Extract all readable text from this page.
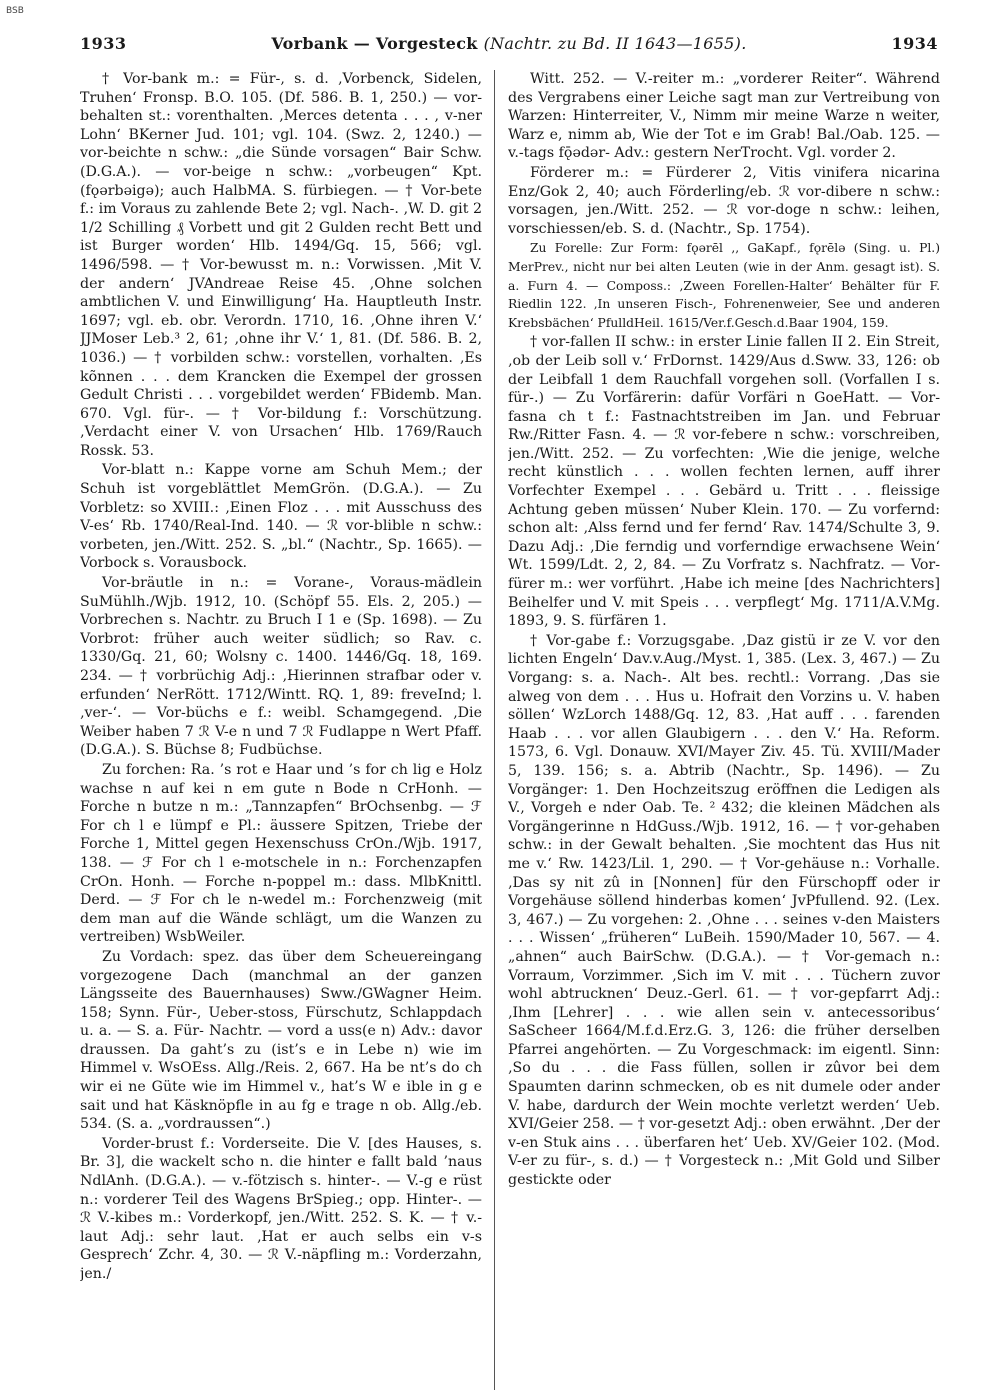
BSB
1933	Vorbank — Vorgesteck (Nachtr. zu Bd. II 1643—1655).	1934

† Vor-bank m.: = Für-, s. d. ‚Vorbenck, Sidelen, Truhen‘ Fronsp. B.O. 105. (Df. 586. B. 1, 250.) — vor-behalten st.: vorenthalten. ‚Merces detenta . . . , v-ner Lohn‘ BKerner Jud. 101; vgl. 104. (Swz. 2, 1240.) — vor-beichte n schw.: „die Sünde vorsagen“ Bair Schw. (D.G.A.). — vor-beige n schw.: „vorbeugen“ Kpt. (fǫərbəigə); auch HalbMA. S. fürbiegen. — † Vor-bete f.: im Voraus zu zahlende Bete 2; vgl. Nach-. ‚W. D. git 2 1/2 Schilling ₰ Vorbett und git 2 Gulden recht Bett und ist Burger worden‘ Hlb. 1494/Gq. 15, 566; vgl. 1496/598. — † Vor-bewusst m. n.: Vorwissen. ‚Mit V. der andern‘ JVAndreae Reise 45. ‚Ohne solchen ambtlichen V. und Einwilligung‘ Ha. Hauptleuth Instr. 1697; vgl. eb. obr. Verordn. 1710, 16. ‚Ohne ihren V.‘ JJMoser Leb.³ 2, 61; ‚ohne ihr V.‘ 1, 81. (Df. 586. B. 2, 1036.) — † vorbilden schw.: vorstellen, vorhalten. ‚Es kõnnen . . . dem Krancken die Exempel der grossen Gedult Christi . . . vorgebildet werden‘ FBidemb. Man. 670. Vgl. für-. — † Vor-bildung f.: Vorschützung. ‚Verdacht einer V. von Ursachen‘ Hlb. 1769/Rauch Rossk. 53.

Vor-blatt n.: Kappe vorne am Schuh Mem.; der Schuh ist vorgeblättlet MemGrön. (D.G.A.). — Zu Vorbletz: so XVIII.: ‚Einen Floz . . . mit Ausschuss des V-es‘ Rb. 1740/Real-Ind. 140. — ℛ vor-blible n schw.: vorbeten, jen./Witt. 252. S. „bl.“ (Nachtr., Sp. 1665). — Vorbock s. Vorausbock.

Vor-bräutle in n.: = Vorane-, Voraus-mädlein SuMühlh./Wjb. 1912, 10. (Schöpf 55. Els. 2, 205.) — Vorbrechen s. Nachtr. zu Bruch I 1 e (Sp. 1698). — Zu Vorbrot: früher auch weiter südlich; so Rav. c. 1330/Gq. 21, 60; Wolsny c. 1400. 1446/Gq. 18, 169. 234. — † vorbrüchig Adj.: ‚Hierinnen strafbar oder v. erfunden‘ NerRött. 1712/Wintt. RQ. 1, 89: freveInd; l. ‚ver-‘. — Vor-büchs e f.: weibl. Schamgegend. ‚Die Weiber haben 7 ℛ V-e n und 7 ℛ Fudlappe n Wert Pfaff. (D.G.A.). S. Büchse 8; Fudbüchse.

Zu forchen: Ra. ’s rot e Haar und ’s for ch lig e Holz wachse n auf kei n em gute n Bode n CrHonh. — Forche n butze n m.: „Tannzapfen“ BrOchsenbg. — ℱ For ch l e lümpf e Pl.: äussere Spitzen, Triebe der Forche 1, Mittel gegen Hexenschuss CrOn./Wjb. 1917, 138. — ℱ For ch l e-motschele in n.: Forchenzapfen CrOn. Honh. — Forche n-poppel m.: dass. MlbKnittl. Derd. — ℱ For ch le n-wedel m.: Forchenzweig (mit dem man auf die Wände schlägt, um die Wanzen zu vertreiben) WsbWeiler.

Zu Vordach: spez. das über dem Scheuereingang vorgezogene Dach (manchmal an der ganzen Längsseite des Bauernhauses) Sww./GWagner Heim. 158; Synn. Für-, Ueber-stoss, Fürschutz, Schlappdach u. a. — S. a. Für- Nachtr. — vord a uss(e n) Adv.: davor draussen. Da gaht’s zu (ist’s e in Lebe n) wie im Himmel v. WsOEss. Allg./Reis. 2, 667. Ha be nt’s do ch wir ei ne Güte wie im Himmel v., hat’s W e ible in g e sait und hat Käsknöpfle in au fg e trage n ob. Allg./eb. 534. (S. a. „vordraussen“.)

Vorder-brust f.: Vorderseite. Die V. [des Hauses, s. Br. 3], die wackelt scho n. die hinter e fallt bald ’naus NdlAnh. (D.G.A.). — v.-fötzisch s. hinter-. — V.-g e rüst n.: vorderer Teil des Wagens BrSpieg.; opp. Hinter-. — ℛ V.-kibes m.: Vorderkopf, jen./Witt. 252. S. K. — † v.-laut Adj.: sehr laut. ‚Hat er auch selbs ein v-s Gesprech‘ Zchr. 4, 30. — ℛ V.-näpfling m.: Vorderzahn, jen./

Witt. 252. — V.-reiter m.: „vorderer Reiter“. Während des Vergrabens einer Leiche sagt man zur Vertreibung von Warzen: Hinterreiter, V., Nimm mir meine Warze n weiter, Warz e, nimm ab, Wie der Tot e im Grab! Bal./Oab. 125. — v.-tags fǭədər- Adv.: gestern NerTrocht. Vgl. vorder 2.

Förderer m.: = Fürderer 2, Vitis vinifera nicarina Enz/Gok 2, 40; auch Förderling/eb. ℛ vor-dibere n schw.: vorsagen, jen./Witt. 252. — ℛ vor-doge n schw.: leihen, vorschiessen/eb. S. d. (Nachtr., Sp. 1754).

Zu Forelle: Zur Form: fǫərēl ‚, GaKapf., fǫrēlə (Sing. u. Pl.) MerPrev., nicht nur bei alten Leuten (wie in der Anm. gesagt ist). S. a. Furn 4. — Composs.: ‚Zween Forellen-Halter‘ Behälter für F. Riedlin 122. ‚In unseren Fisch-, Fohrenenweier, See und anderen Krebsbächen‘ PfulldHeil. 1615/Ver.f.Gesch.d.Baar 1904, 159.

† vor-fallen II schw.: in erster Linie fallen II 2. Ein Streit, ‚ob der Leib soll v.‘ FrDornst. 1429/Aus d.Sww. 33, 126: ob der Leibfall 1 dem Rauchfall vorgehen soll. (Vorfallen I s. für-.) — Zu Vorfärerin: dafür Vorfäri n GoeHatt. — Vor-fasna ch t f.: Fastnachtstreiben im Jan. und Februar Rw./Ritter Fasn. 4. — ℛ vor-febere n schw.: vorschreiben, jen./Witt. 252. — Zu vorfechten: ‚Wie die jenige, welche recht künstlich . . . wollen fechten lernen, auff ihrer Vorfechter Exempel . . . Gebärd u. Tritt . . . fleissige Achtung geben müssen‘ Nuber Klein. 170. — Zu vorfernd: schon alt: ‚Alss fernd und fer fernd‘ Rav. 1474/Schulte 3, 9. Dazu Adj.: ‚Die ferndig und vorferndige erwachsene Wein‘ Wt. 1599/Ldt. 2, 2, 84. — Zu Vorfratz s. Nachfratz. — Vor-fürer m.: wer vorführt. ‚Habe ich meine [des Nachrichters] Beihelfer und V. mit Speis . . . verpflegt‘ Mg. 1711/A.V.Mg. 1893, 9. S. fürfären 1.

† Vor-gabe f.: Vorzugsgabe. ‚Daz gistü ir ze V. vor den lichten Engeln‘ Dav.v.Aug./Myst. 1, 385. (Lex. 3, 467.) — Zu Vorgang: s. a. Nach-. Alt bes. rechtl.: Vorrang. ‚Das sie alweg von dem . . . Hus u. Hofrait den Vorzins u. V. haben söllen‘ WzLorch 1488/Gq. 12, 83. ‚Hat auff . . . farenden Haab . . . vor allen Glaubigern . . . den V.‘ Ha. Reform. 1573, 6. Vgl. Donauw. XVI/Mayer Ziv. 45. Tü. XVIII/Mader 5, 139. 156; s. a. Abtrib (Nachtr., Sp. 1496). — Zu Vorgänger: 1. Den Hochzeitszug eröffnen die Ledigen als V., Vorgeh e nder Oab. Te. ² 432; die kleinen Mädchen als Vorgängerinne n HdGuss./Wjb. 1912, 16. — † vor-gehaben schw.: in der Gewalt behalten. ‚Sie mochtent das Hus nit me v.‘ Rw. 1423/Lil. 1, 290. — † Vor-gehäuse n.: Vorhalle. ‚Das sy nit zû in [Nonnen] für den Fürschopff oder ir Vorgehäuse söllend hinderbas komen‘ JvPfullend. 92. (Lex. 3, 467.) — Zu vorgehen: 2. ‚Ohne . . . seines v-den Maisters . . . Wissen‘ „früheren“ LuBeih. 1590/Mader 10, 567. — 4. „ahnen“ auch BairSchw. (D.G.A.). — † Vor-gemach n.: Vorraum, Vorzimmer. ‚Sich im V. mit . . . Tüchern zuvor wohl abtrucknen‘ Deuz.-Gerl. 61. — † vor-gepfarrt Adj.: ‚Ihm [Lehrer] . . . wie allen sein v. antecessoribus‘ SaScheer 1664/M.f.d.Erz.G. 3, 126: die früher derselben Pfarrei angehörten. — Zu Vorgeschmack: im eigentl. Sinn: ‚So du . . . die Fass füllen, sollen ir zûvor bei dem Spaumten darinn schmecken, ob es nit dumele oder ander V. habe, dardurch der Wein mochte verletzt werden‘ Ueb. XVI/Geier 258. — † vor-gesetzt Adj.: oben erwähnt. ‚Der der v-en Stuk ains . . . überfaren het‘ Ueb. XV/Geier 102. (Mod. V-er zu für-, s. d.) — † Vorgesteck n.: ‚Mit Gold und Silber gestickte oder
